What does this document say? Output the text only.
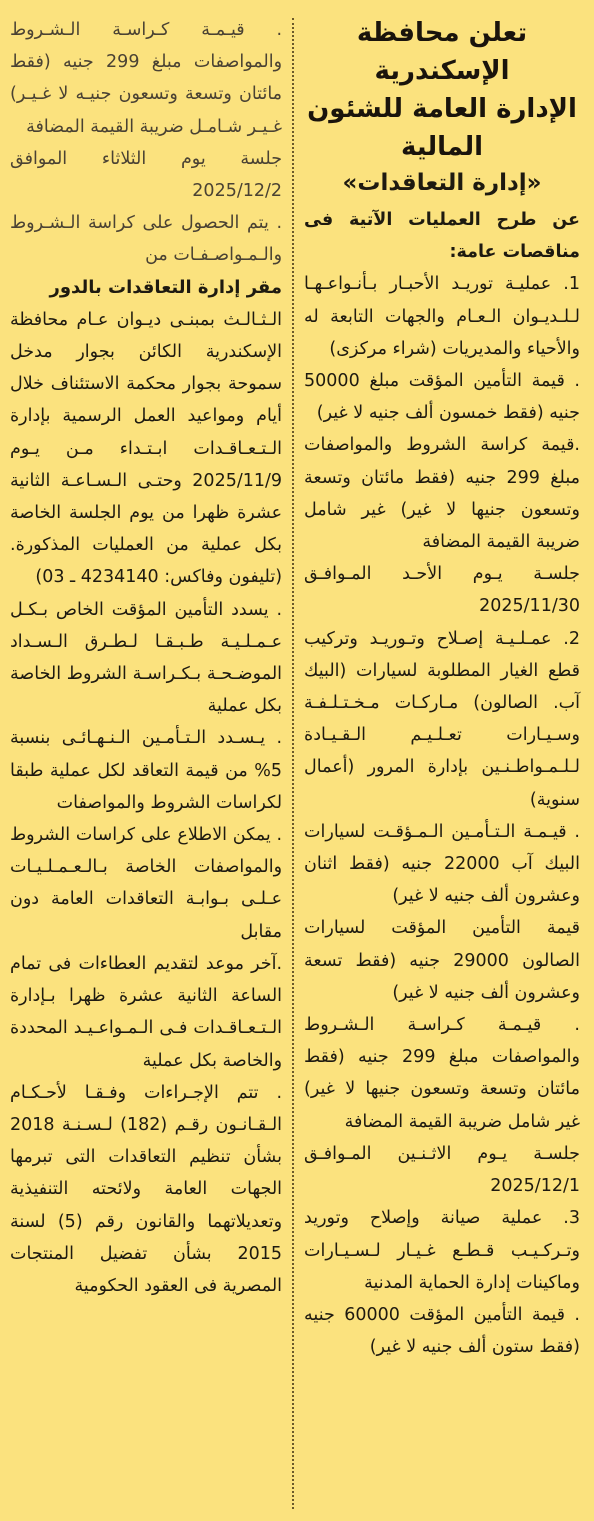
تعلن محافظة الإسكندرية
الإدارة العامة للشئون
المالية
«إدارة التعاقدات»

عن طرح العمليات الآتية فى مناقصات عامة:

1. عمليـة توريـد الأحبـار بـأنـواعـهـا لـلـديـوان الـعـام والجهات التابعة له والأحياء والمديريات (شراء مركزى)

. قيمة التأمين المؤقت مبلغ 50000 جنيه (فقط خمسون ألف جنيه لا غير)

.قيمة كراسة الشروط والمواصفات مبلغ 299 جنيه (فقط مائتان وتسعة وتسعون جنيها لا غير) غير شامل ضريبة القيمة المضافة

جلسـة يـوم الأحـد المـوافـق 2025/11/30

2. عمـلـيـة إصـلاح وتـوريـد وتركيب قطع الغيار المطلوبة لسيارات (البيك آب. الصالون) مـاركـات مـخـتـلـفـة وسـيـارات تعـلـيـم الـقـيـادة لـلـمـواطـنـين بإدارة المرور (أعمال سنوية)

. قيـمـة الـتـأمـين الـمـؤقـت لسيارات البيك آب 22000 جنيه (فقط اثنان وعشرون ألف جنيه لا غير)

قيمة التأمين المؤقت لسيارات الصالون 29000 جنيه (فقط تسعة وعشرون ألف جنيه لا غير)

. قيـمـة كـراسـة الـشـروط والمواصفات مبلغ 299 جنيه (فقط مائتان وتسعة وتسعون جنيها لا غير) غير شامل ضريبة القيمة المضافة

جلسـة يـوم الاثـنـين المـوافـق 2025/12/1

3. عملية صيانة وإصلاح وتوريد وتـركـيـب قـطـع غـيـار لـسـيـارات وماكينات إدارة الحماية المدنية

. قيمة التأمين المؤقت 60000 جنيه (فقط ستون ألف جنيه لا غير)

. قيـمـة كـراسـة الـشـروط والمواصفات مبلغ 299 جنيه (فقط مائتان وتسعة وتسعون جنيـه لا غـيـر) غـيـر شـامـل ضريبة القيمة المضافة

جلسة يوم الثلاثاء الموافق 2025/12/2

. يتم الحصول على كراسة الـشـروط والـمـواصـفـات من

مقر إدارة التعاقدات بالدور

الـثـالـث بمبنـى ديـوان عـام محافظة الإسكندرية الكائن بجوار مدخل سموحة بجوار محكمة الاستئناف خلال أيام ومواعيد العمل الرسمية بإدارة الـتـعـاقـدات ابـتـداء مـن يـوم 2025/11/9 وحتـى الـسـاعـة الثانية عشرة ظهرا من يوم الجلسة الخاصة بكل عملية من العمليات المذكورة.(تليفون وفاكس: 4234140 ـ 03)

. يسدد التأمين المؤقت الخاص بـكـل عـمـلـيـة طـبـقـا لـطـرق الـسـداد الموضـحـة بـكـراسـة الشروط الخاصة بكل عملية

. يـسـدد الـتـأمـين الـنـهـائـى بنسبة 5% من قيمة التعاقد لكل عملية طبقا لكراسات الشروط والمواصفات

. يمكن الاطلاع على كراسات الشروط والمواصفات الخاصة بـالـعـمـلـيـات عـلـى بـوابـة التعاقدات العامة دون مقابل

.آخر موعد لتقديم العطاءات فى تمام الساعة الثانية عشرة ظهرا بـإدارة الـتـعـاقـدات فـى الـمـواعـيـد المحددة والخاصة بكل عملية

. تتم الإجـراءات وفـقـا لأحـكـام الـقـانـون رقـم (182) لـسـنـة 2018 بشأن تنظيم التعاقدات التى تبرمها الجهات العامة ولائحته التنفيذية وتعديلاتهما والقانون رقم (5) لسنة 2015 بشأن تفضيل المنتجات المصرية فى العقود الحكومية
